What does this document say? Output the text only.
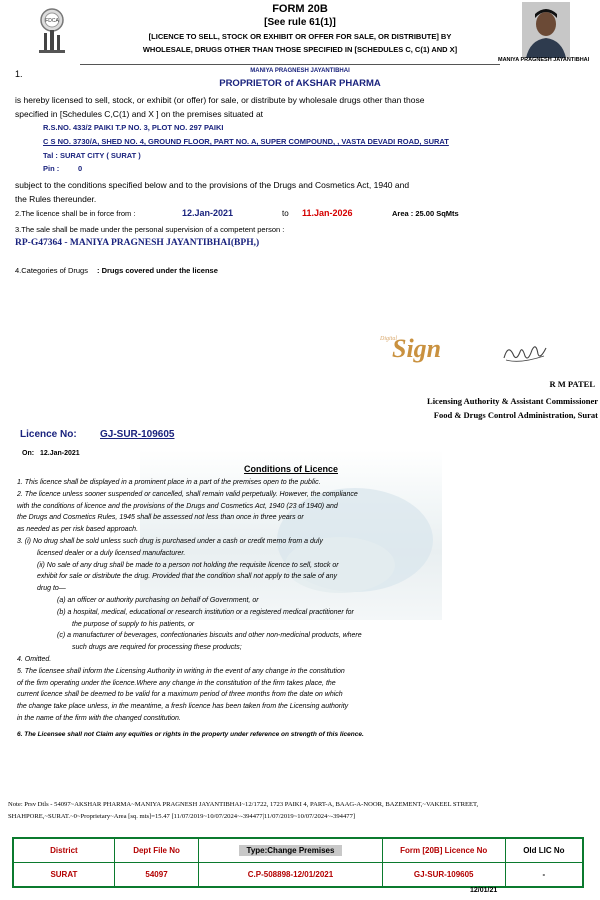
FDCA
FORM 20B
[See rule 61(1)]
[LICENCE TO SELL, STOCK OR EXHIBIT OR OFFER FOR SALE, OR DISTRIBUTE] BY
WHOLESALE, DRUGS OTHER THAN THOSE SPECIFIED IN [SCHEDULES C, C(1) AND X]
MANIYA PRAGNESH JAYANTIBHAI
1.	MANIYA PRAGNESH JAYANTIBHAI
PROPRIETOR of AKSHAR PHARMA
is hereby licensed to sell, stock, or exhibit (or offer) for sale, or distribute by wholesale drugs other than those
specified in [Schedules C,C(1) and X ] on the premises situated at
R.S.NO. 433/2 PAIKI T.P NO. 3, PLOT NO. 297 PAIKI
C S NO. 3730/A, SHED NO. 4, GROUND FLOOR, PART NO. A, SUPER COMPOUND, , VASTA DEVADI ROAD, SURAT
Tal : SURAT CITY ( SURAT )
Pin :	0
subject to the conditions specified below and to the provisions of the Drugs and Cosmetics Act, 1940 and
the Rules thereunder.
2.The licence shall be in force from :	12.Jan-2021	to 11.Jan-2026	Area : 25.00 SqMts
3.The sale shall be made under the personal supervision of a competent person :
RP-G47364 - MANIYA PRAGNESH JAYANTIBHAI(BPH,)
4.Categories of Drugs : Drugs covered under the license
Digital
Sign
R M PATEL
Licensing Authority & Assistant Commissioner
Food & Drugs Control Administration, Surat
Licence No: GJ-SUR-109605
On: 12.Jan-2021
Conditions of Licence

1. This licence shall be displayed in a prominent place in a part of the premises open to the public.

2. The licence unless sooner suspended or cancelled, shall remain valid perpetually. However, the compliance

with the conditions of licence and the provisions of the Drugs and Cosmetics Act, 1940 (23 of 1940) and

the Drugs and Cosmetics Rules, 1945 shall be assessed not less than once in three years or

as needed as per risk based approach.

3. (i) No drug shall be sold unless such drug is purchased under a cash or credit memo from a duly

licensed dealer or a duly licensed manufacturer.

(ii) No sale of any drug shall be made to a person not holding the requisite licence to sell, stock or

exhibit for sale or distribute the drug. Provided that the condition shall not apply to the sale of any

drug to—

(a) an officer or authority purchasing on behalf of Government, or

(b) a hospital, medical, educational or research institution or a registered medical practitioner for

the purpose of supply to his patients, or

(c) a manufacturer of beverages, confectionaries biscuits and other non-medicinal products, where

such drugs are required for processing these products;

4. Omitted.

5. The licensee shall inform the Licensing Authority in writing in the event of any change in the constitution

of the firm operating under the licence.Where any change in the constitution of the firm takes place, the

current licence shall be deemed to be valid for a maximum period of three months from the date on which

the change take place unless, in the meantime, a fresh licence has been taken from the Licensing authority

in the name of the firm with the changed constitution.

6. The Licensee shall not Claim any equities or rights in the property under reference on strength of this licence.
Note: Prsv Dtls - 54097~AKSHAR PHARMA~MANIYA PRAGNESH JAYANTIBHAI~12/1722, 1723 PAIKI 4, PART-A, BAAG-A-NOOR, BAZEMENT,~VAKEEL STREET,
SHAHPORE,~SURAT.~0~Proprietary~Area [sq. mts]=15.47 [11/07/2019~10/07/2024~-394477|11/07/2019~10/07/2024~-394477]
District	Dept File No	Type:Change Premises	Form [20B] Licence No	Old LIC No
SURAT	54097	C.P-508898-12/01/2021	GJ-SUR-109605	-
12/01/21
